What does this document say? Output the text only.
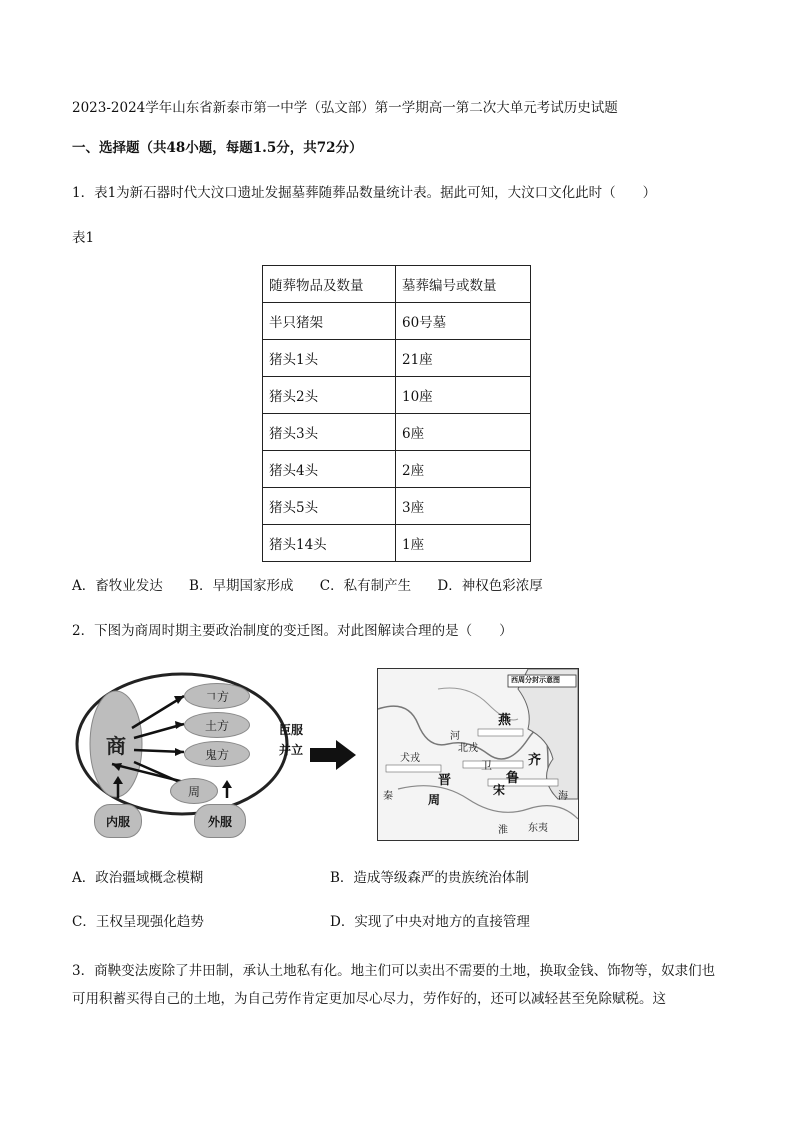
2023-2024学年山东省新泰市第一中学（弘文部）第一学期高一第二次大单元考试历史试题
一、选择题（共48小题，每题1.5分，共72分）
1．表1为新石器时代大汶口遗址发掘墓葬随葬品数量统计表。据此可知，大汶口文化此时（　　）
表1
随葬物品及数量	墓葬编号或数量
半只猪架	60号墓
猪头1头	21座
猪头2头	10座
猪头3头	6座
猪头4头	2座
猪头5头	3座
猪头14头	1座
A．畜牧业发达 B．早期国家形成 C．私有制产生 D．神权色彩浓厚
2．下图为商周时期主要政治制度的变迁图。对此图解读合理的是（　　）
商
𠃍方
土方
鬼方
周
内服	外服
臣服
并立
西周分封示意图
燕
晋	鲁
齐
卫
宋
周
秦
犬戎
北戎
海
东夷
河
淮
A．政治疆域概念模糊	B．造成等级森严的贵族统治体制
C．王权呈现强化趋势	D．实现了中央对地方的直接管理
3．商鞅变法废除了井田制，承认土地私有化。地主们可以卖出不需要的土地，换取金钱、饰物等，奴隶们也可用积蓄买得自己的土地，为自己劳作肯定更加尽心尽力，劳作好的，还可以减轻甚至免除赋税。这
